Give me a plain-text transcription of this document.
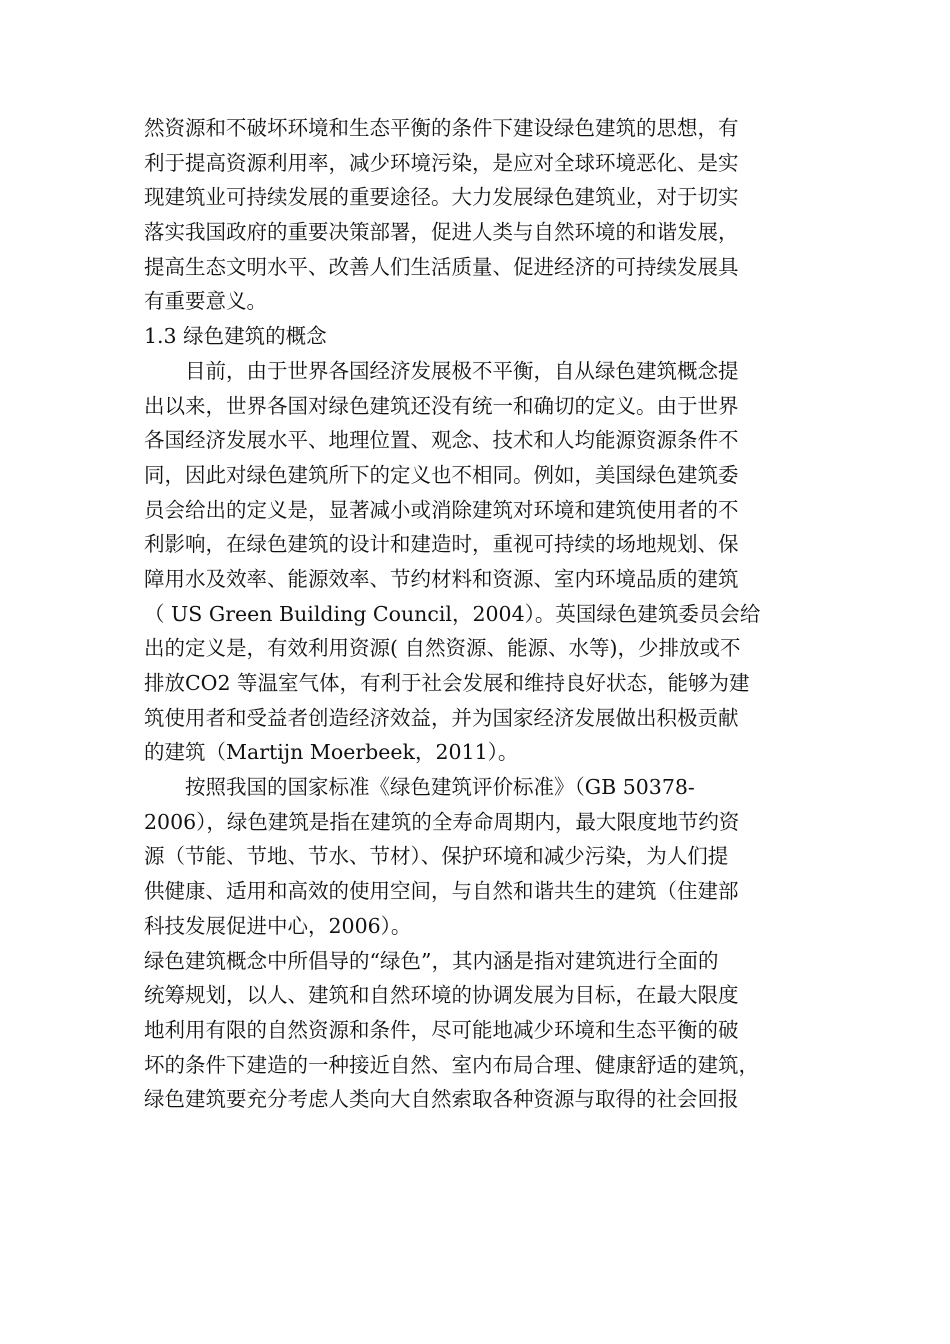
然资源和不破坏环境和生态平衡的条件下建设绿色建筑的思想，有
利于提高资源利用率，减少环境污染，是应对全球环境恶化、是实
现建筑业可持续发展的重要途径。大力发展绿色建筑业，对于切实
落实我国政府的重要决策部署，促进人类与自然环境的和谐发展，
提高生态文明水平、改善人们生活质量、促进经济的可持续发展具
有重要意义。
1.3 绿色建筑的概念
目前，由于世界各国经济发展极不平衡，自从绿色建筑概念提
出以来，世界各国对绿色建筑还没有统一和确切的定义。由于世界
各国经济发展水平、地理位置、观念、技术和人均能源资源条件不
同，因此对绿色建筑所下的定义也不相同。例如，美国绿色建筑委
员会给出的定义是，显著减小或消除建筑对环境和建筑使用者的不
利影响，在绿色建筑的设计和建造时，重视可持续的场地规划、保
障用水及效率、能源效率、节约材料和资源、室内环境品质的建筑
（ US Green Building Council，2004）。英国绿色建筑委员会给
出的定义是，有效利用资源( 自然资源、能源、水等)，少排放或不
排放CO2 等温室气体，有利于社会发展和维持良好状态，能够为建
筑使用者和受益者创造经济效益，并为国家经济发展做出积极贡献
的建筑（Martijn Moerbeek，2011）。
按照我国的国家标准《绿色建筑评价标准》（GB 50378-
2006），绿色建筑是指在建筑的全寿命周期内，最大限度地节约资
源（节能、节地、节水、节材）、保护环境和减少污染，为人们提
供健康、适用和高效的使用空间，与自然和谐共生的建筑（住建部
科技发展促进中心，2006）。
绿色建筑概念中所倡导的“绿色”，其内涵是指对建筑进行全面的
统筹规划，以人、建筑和自然环境的协调发展为目标，在最大限度
地利用有限的自然资源和条件，尽可能地减少环境和生态平衡的破
坏的条件下建造的一种接近自然、室内布局合理、健康舒适的建筑，
绿色建筑要充分考虑人类向大自然索取各种资源与取得的社会回报
